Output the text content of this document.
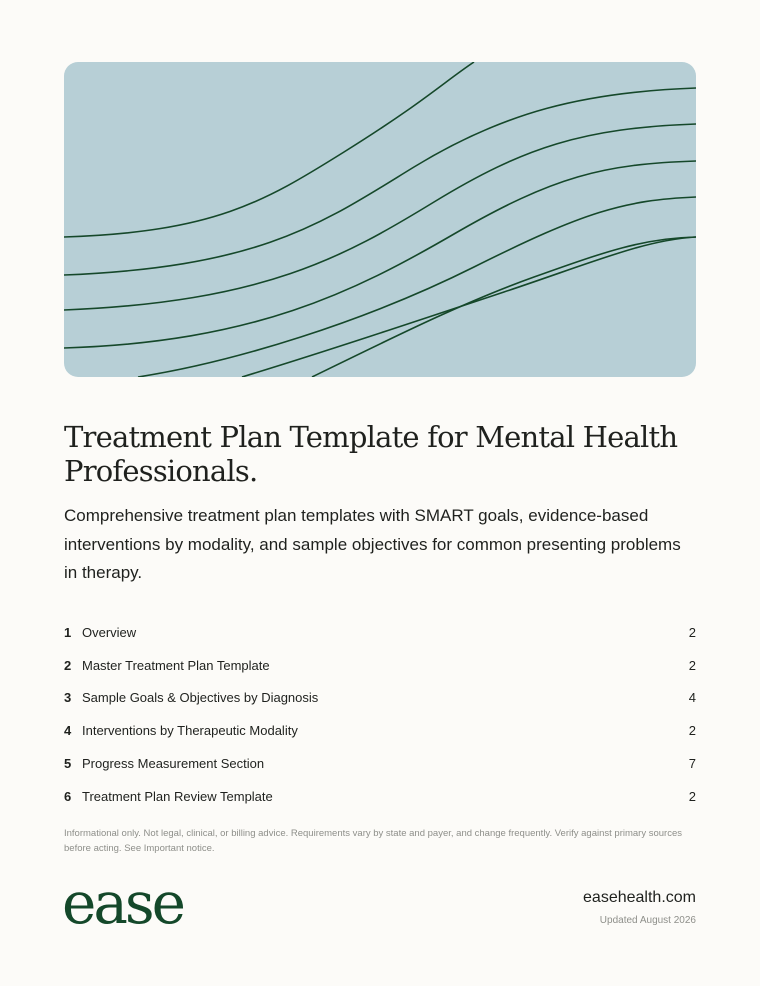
Treatment Plan Template for Mental Health Professionals.

Comprehensive treatment plan templates with SMART goals, evidence-based interventions by modality, and sample objectives for common presenting problems in therapy.

1 Overview	2
2 Master Treatment Plan Template	2
3 Sample Goals & Objectives by Diagnosis	4
4 Interventions by Therapeutic Modality	2
5 Progress Measurement Section	7
6 Treatment Plan Review Template	2

Informational only. Not legal, clinical, or billing advice. Requirements vary by state and payer, and change frequently. Verify against primary sources before acting. See Important notice.

ease	easehealth.com
Updated August 2026
